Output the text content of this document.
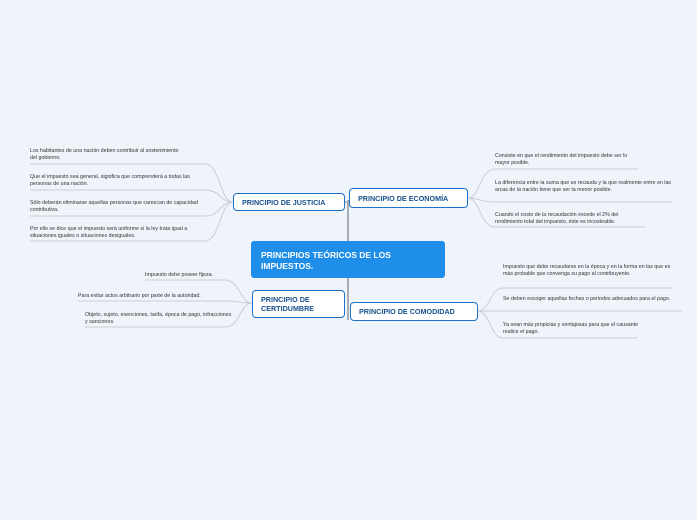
PRINCIPIOS TEÓRICOS DE LOS IMPUESTOS.
PRINCIPIO DE JUSTICIA
PRINCIPIO DE CERTIDUMBRE
PRINCIPIO DE ECONOMÍA
PRINCIPIO DE COMODIDAD
Los habitantes de una nación deben contribuir al sostenimiento del gobierno.
Que el impuesto sea general, significa que comprenderá a todas las personas de una nación.
Sólo deberán eliminarse aquellas personas que carezcan de capacidad contributiva.
Por ello se dice que el impuesto será uniforme si la ley trata igual a situaciones iguales o situaciones desiguales.
Impuesto debe poseer fijeza.
Para evitar actos arbitrario por parte de la autoridad.
Objeto, sujeto, exenciones, tarifa, época de pago, infracciones y sanciones.
Consiste en que el rendimiento del impuesto debe ser lo mayor posible.
La diferencia entre la suma que se recauda y la que realmente entre en las arcas de la nación tiene que ser la menor posible.
Cuando el costo de la recaudación excede el 2% del rendimiento total del impuesto, éste es incosteable.
Impuesto que debe recaudarse en la época y en la forma en las que es más probable que convenga su pago al contribuyente.
Se deben escoger aquellas fechas o periodos adecuados para el pago.
Ya sean más propicias y ventajosas para que el causante realice el pago.
